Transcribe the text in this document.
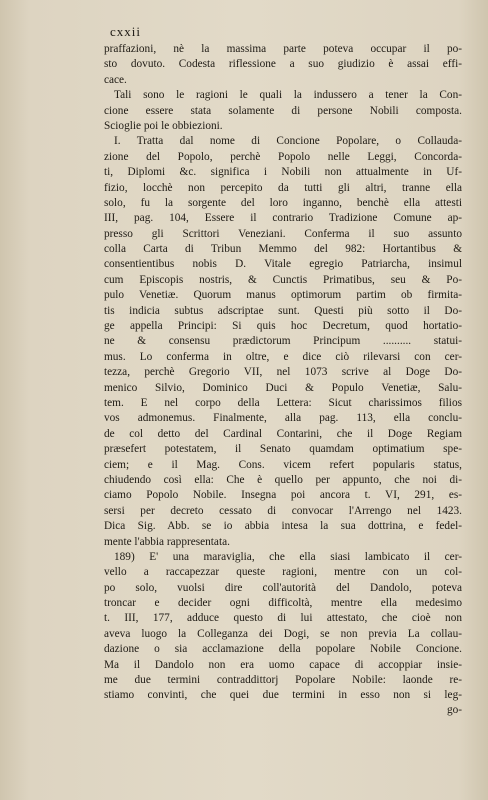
cxxii
praffazioni, nè la massima parte poteva occupar il po-
sto dovuto. Codesta riflessione a suo giudizio è assai effi-
cace.
Tali sono le ragioni le quali la indussero a tener la Con-
cione essere stata solamente di persone Nobili composta.
Scioglie poi le obbiezioni.
I. Tratta dal nome di Concione Popolare, o Collauda-
zione del Popolo, perchè Popolo nelle Leggi, Concorda-
ti, Diplomi &c. significa i Nobili non attualmente in Uf-
fizio, locchè non percepito da tutti gli altri, tranne ella
solo, fu la sorgente del loro inganno, benchè ella attesti
III, pag. 104, Essere il contrario Tradizione Comune ap-
presso gli Scrittori Veneziani. Conferma il suo assunto
colla Carta di Tribun Memmo del 982: Hortantibus &
consentientibus nobis D. Vitale egregio Patriarcha, insimul
cum Episcopis nostris, & Cunctis Primatibus, seu & Po-
pulo Venetiæ. Quorum manus optimorum partim ob firmita-
tis indicia subtus adscriptae sunt. Questi più sotto il Do-
ge appella Principi: Si quis hoc Decretum, quod hortatio-
ne & consensu prædictorum Principum .......... statui-
mus. Lo conferma in oltre, e dice ciò rilevarsi con cer-
tezza, perchè Gregorio VII, nel 1073 scrive al Doge Do-
menico Silvio, Dominico Duci & Populo Venetiæ, Salu-
tem. E nel corpo della Lettera: Sicut charissimos filios
vos admonemus. Finalmente, alla pag. 113, ella conclu-
de col detto del Cardinal Contarini, che il Doge Regiam
præsefert potestatem, il Senato quamdam optimatium spe-
ciem; e il Mag. Cons. vicem refert popularis status,
chiudendo così ella: Che è quello per appunto, che noi di-
ciamo Popolo Nobile. Insegna poi ancora t. VI, 291, es-
sersi per decreto cessato di convocar l'Arrengo nel 1423.
Dica Sig. Abb. se io abbia intesa la sua dottrina, e fedel-
mente l'abbia rappresentata.
189) E' una maraviglia, che ella siasi lambicato il cer-
vello a raccapezzar queste ragioni, mentre con un col-
po solo, vuolsi dire coll'autorità del Dandolo, poteva
troncar e decider ogni difficoltà, mentre ella medesimo
t. III, 177, adduce questo di lui attestato, che cioè non
aveva luogo la Colleganza dei Dogi, se non previa La collau-
dazione o sia acclamazione della popolare Nobile Concione.
Ma il Dandolo non era uomo capace di accoppiar insie-
me due termini contraddittorj Popolare Nobile: laonde re-
stiamo convinti, che quei due termini in esso non si leg-
go-
